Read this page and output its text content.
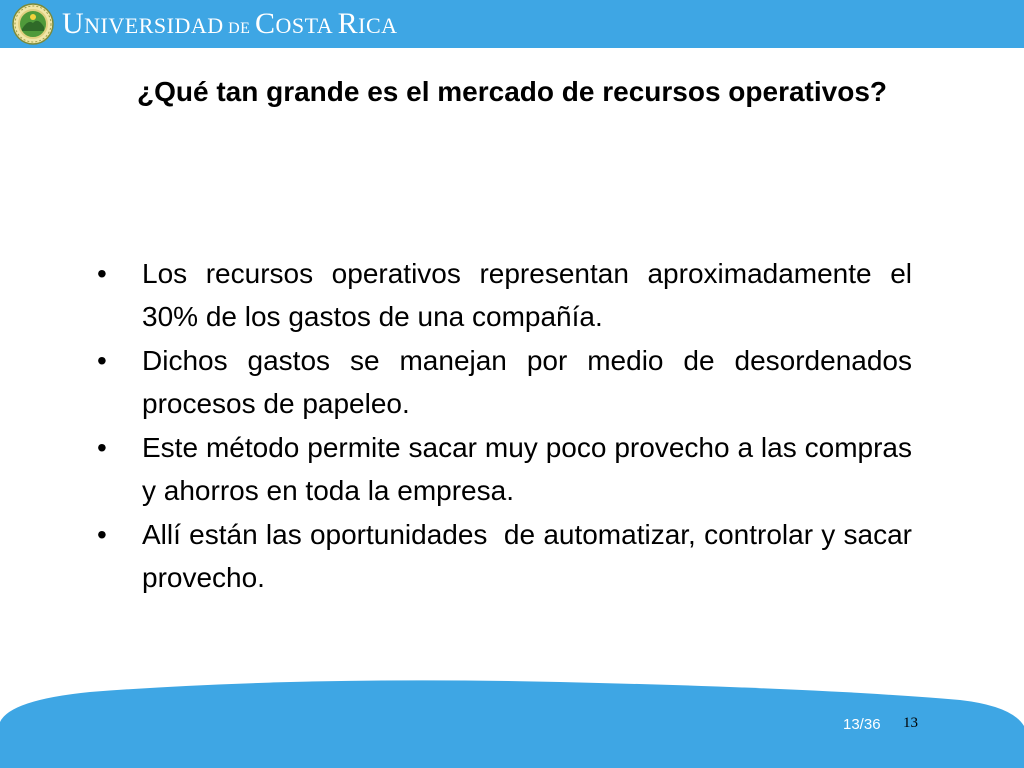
UNIVERSIDAD DE COSTA RICA
¿Qué tan grande es el mercado de recursos operativos?
•	Los recursos operativos representan aproximadamente el 30% de los gastos de una compañía.
•	Dichos gastos se manejan por medio de desordenados procesos de papeleo.
•	Este método permite sacar muy poco provecho a las compras y ahorros en toda la empresa.
•	Allí están las oportunidades  de automatizar, controlar y sacar provecho.
13/36 13
